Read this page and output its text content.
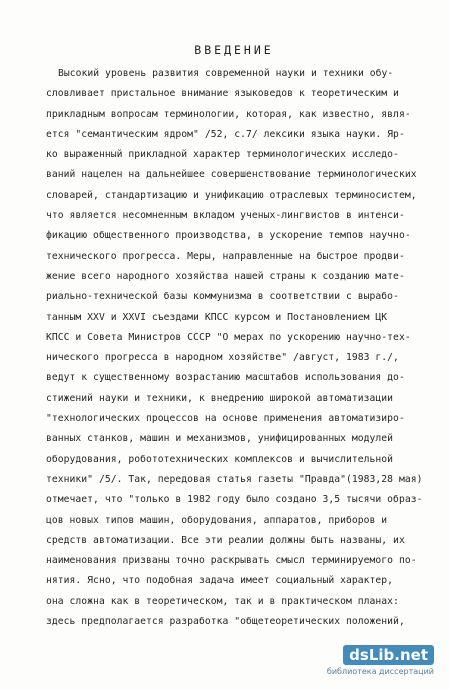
ВВЕДЕНИЕ
Высокий уровень развития современной науки и техники обу-
словливает пристальное внимание языковедов к теоретическим и
прикладным вопросам терминологии, которая, как известно, явля-
ется "семантическим ядром" /52, с.7/ лексики языка науки. Яр-
ко выраженный прикладной характер терминологических исследо-
ваний нацелен на дальнейшее совершенствование терминологических
словарей, стандартизацию и унификацию отраслевых терминосистем,
что является несомненным вкладом ученых-лингвистов в интенси-
фикацию общественного производства, в ускорение темпов научно-
технического прогресса. Меры, направленные на быстрое продви-
жение всего народного хозяйства нашей страны к созданию мате-
риально-технической базы коммунизма в соответствии с вырабо-
танным XXV и XXVI съездами КПСС курсом и Постановлением ЦК
КПСС и Совета Министров СССР "О мерах по ускорению научно-тех-
нического прогресса в народном хозяйстве" /август, 1983 г./,
ведут к существенному возрастанию масштабов использования до-
стижений науки и техники, к внедрению широкой автоматизации
"технологических процессов на основе применения автоматизиро-
ванных станков, машин и механизмов, унифицированных модулей
оборудования, робототехнических комплексов и вычислительной
техники" /5/. Так, передовая статья газеты "Правда"(1983,28 мая)
отмечает, что "только в 1982 году было создано 3,5 тысячи образ-
цов новых типов машин, оборудования, аппаратов, приборов и
средств автоматизации. Все эти реалии должны быть названы, их
наименования призваны точно раскрывать смысл терминируемого по-
нятия. Ясно, что подобная задача имеет социальный характер,
она сложна как в теоретическом, так и в практическом планах:
здесь предполагается разработка "общетеоретических положений,
dsLib.net
библиотека диссертаций
